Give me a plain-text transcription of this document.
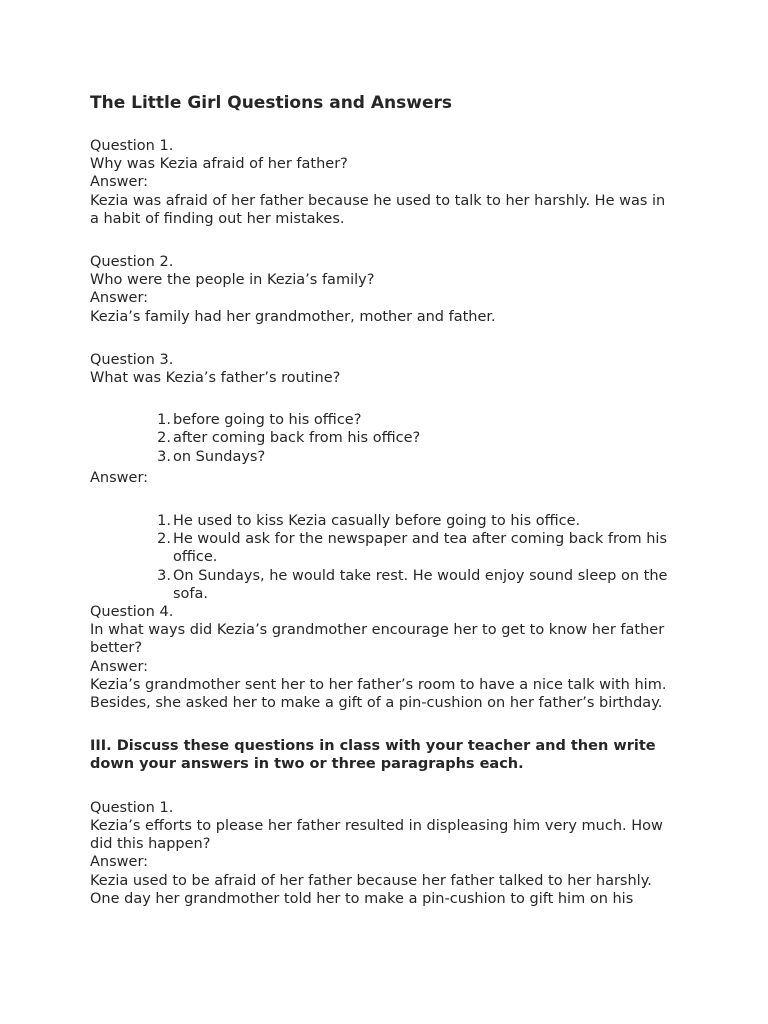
The Little Girl Questions and Answers
Question 1.
Why was Kezia afraid of her father?
Answer:
Kezia was afraid of her father because he used to talk to her harshly. He was in a habit of finding out her mistakes.
Question 2.
Who were the people in Kezia’s family?
Answer:
Kezia’s family had her grandmother, mother and father.
Question 3.
What was Kezia’s father’s routine?
1. before going to his office?
2. after coming back from his office?
3. on Sundays?
Answer:
1. He used to kiss Kezia casually before going to his office.
2. He would ask for the newspaper and tea after coming back from his office.
3. On Sundays, he would take rest. He would enjoy sound sleep on the sofa.
Question 4.
In what ways did Kezia’s grandmother encourage her to get to know her father better?
Answer:
Kezia’s grandmother sent her to her father’s room to have a nice talk with him. Besides, she asked her to make a gift of a pin-cushion on her father’s birthday.
III. Discuss these questions in class with your teacher and then write down your answers in two or three paragraphs each.
Question 1.
Kezia’s efforts to please her father resulted in displeasing him very much. How did this happen?
Answer:
Kezia used to be afraid of her father because her father talked to her harshly. One day her grandmother told her to make a pin-cushion to gift him on his
